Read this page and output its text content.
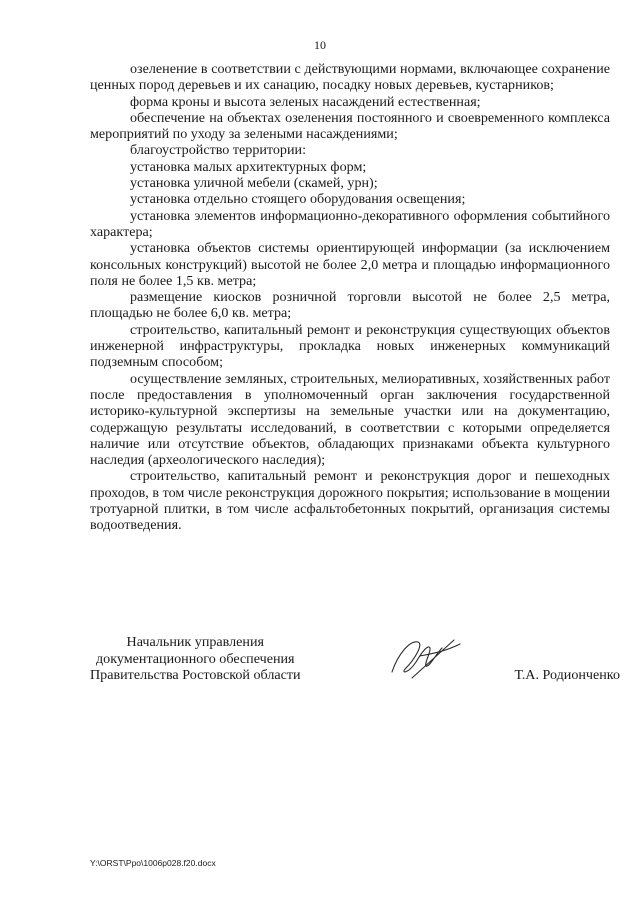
10

озеленение в соответствии с действующими нормами, включающее сохранение ценных пород деревьев и их санацию, посадку новых деревьев, кустарников;

форма кроны и высота зеленых насаждений естественная;

обеспечение на объектах озеленения постоянного и своевременного комплекса мероприятий по уходу за зелеными насаждениями;

благоустройство территории:

установка малых архитектурных форм;

установка уличной мебели (скамей, урн);

установка отдельно стоящего оборудования освещения;

установка элементов информационно-декоративного оформления событийного характера;

установка объектов системы ориентирующей информации (за исключением консольных конструкций) высотой не более 2,0 метра и площадью информационного поля не более 1,5 кв. метра;

размещение киосков розничной торговли высотой не более 2,5 метра, площадью не более 6,0 кв. метра;

строительство, капитальный ремонт и реконструкция существующих объектов инженерной инфраструктуры, прокладка новых инженерных коммуникаций подземным способом;

осуществление земляных, строительных, мелиоративных, хозяйственных работ после предоставления в уполномоченный орган заключения государственной историко-культурной экспертизы на земельные участки или на документацию, содержащую результаты исследований, в соответствии с которыми определяется наличие или отсутствие объектов, обладающих признаками объекта культурного наследия (археологического наследия);

строительство, капитальный ремонт и реконструкция дорог и пешеходных проходов, в том числе реконструкция дорожного покрытия; использование в мощении тротуарной плитки, в том числе асфальтобетонных покрытий, организация системы водоотведения.

Начальник управления
документационного обеспечения
Правительства Ростовской области	Т.А. Родионченко
Y:\ORST\Ppo\1006p028.f20.docx
